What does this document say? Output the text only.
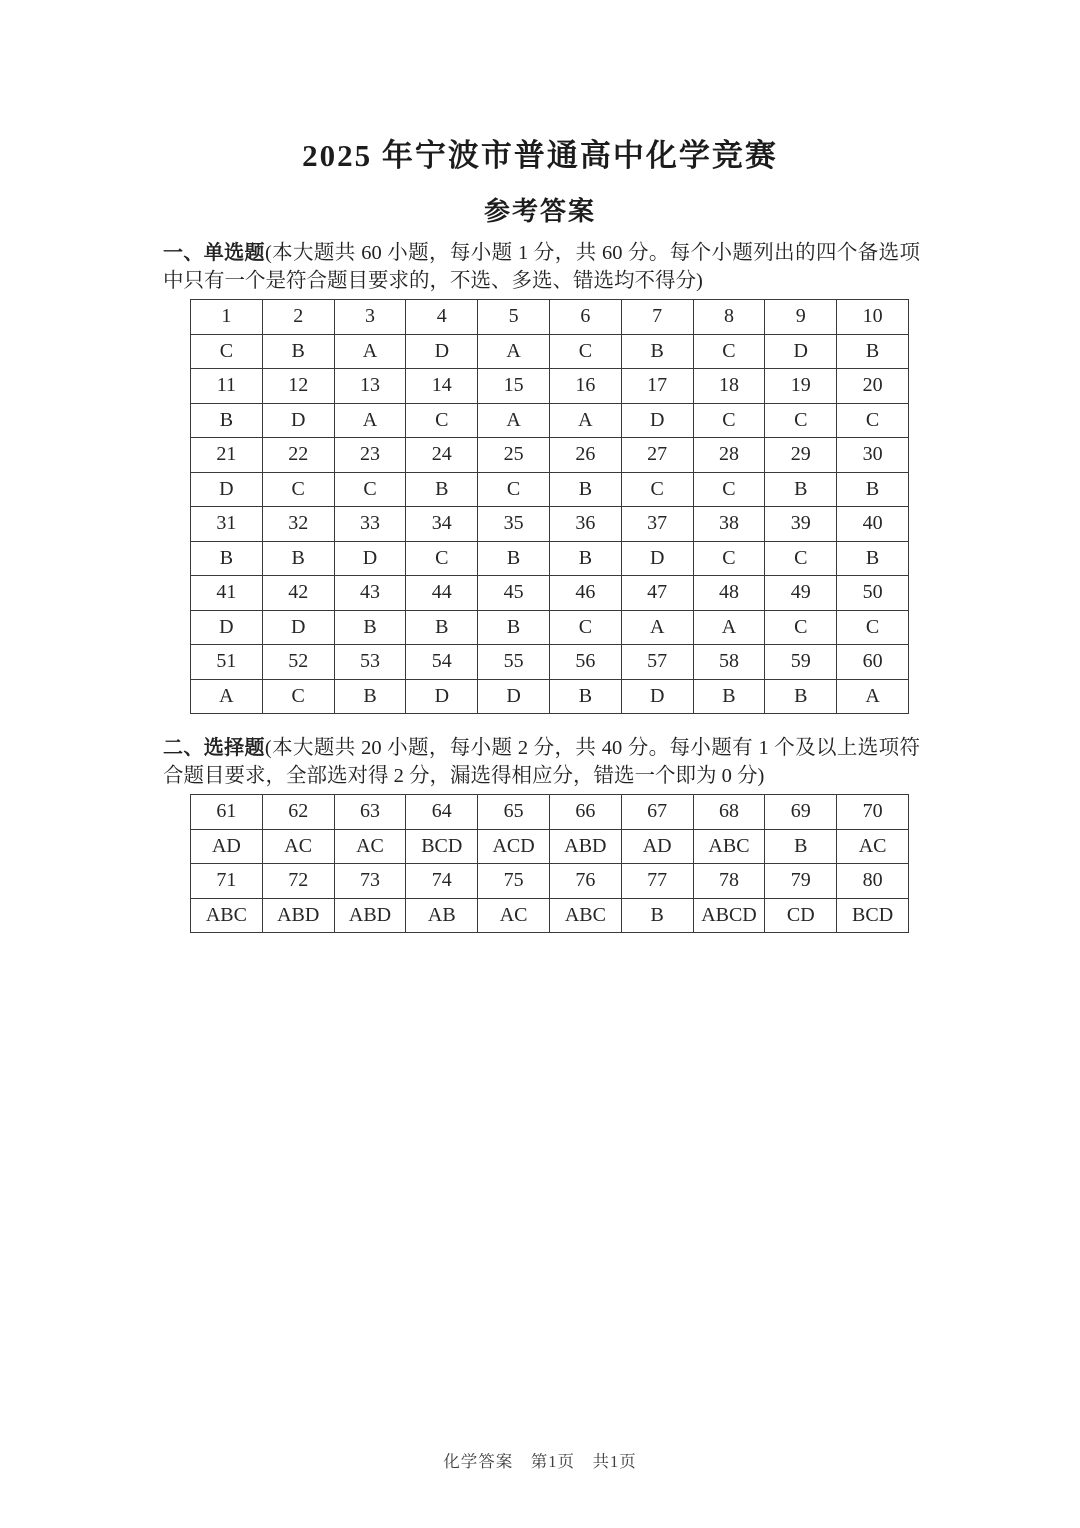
2025 年宁波市普通高中化学竞赛
参考答案

一、单选题(本大题共 60 小题，每小题 1 分，共 60 分。每个小题列出的四个备选项中只有一个是符合题目要求的，不选、多选、错选均不得分)

1	2	3	4	5	6	7	8	9	10
C	B	A	D	A	C	B	C	D	B
11	12	13	14	15	16	17	18	19	20
B	D	A	C	A	A	D	C	C	C
21	22	23	24	25	26	27	28	29	30
D	C	C	B	C	B	C	C	B	B
31	32	33	34	35	36	37	38	39	40
B	B	D	C	B	B	D	C	C	B
41	42	43	44	45	46	47	48	49	50
D	D	B	B	B	C	A	A	C	C
51	52	53	54	55	56	57	58	59	60
A	C	B	D	D	B	D	B	B	A

二、选择题(本大题共 20 小题，每小题 2 分，共 40 分。每小题有 1 个及以上选项符合题目要求，全部选对得 2 分，漏选得相应分，错选一个即为 0 分)

61	62	63	64	65	66	67	68	69	70
AD	AC	AC	BCD	ACD	ABD	AD	ABC	B	AC
71	72	73	74	75	76	77	78	79	80
ABC	ABD	ABD	AB	AC	ABC	B	ABCD	CD	BCD
化学答案　第1页　共1页
